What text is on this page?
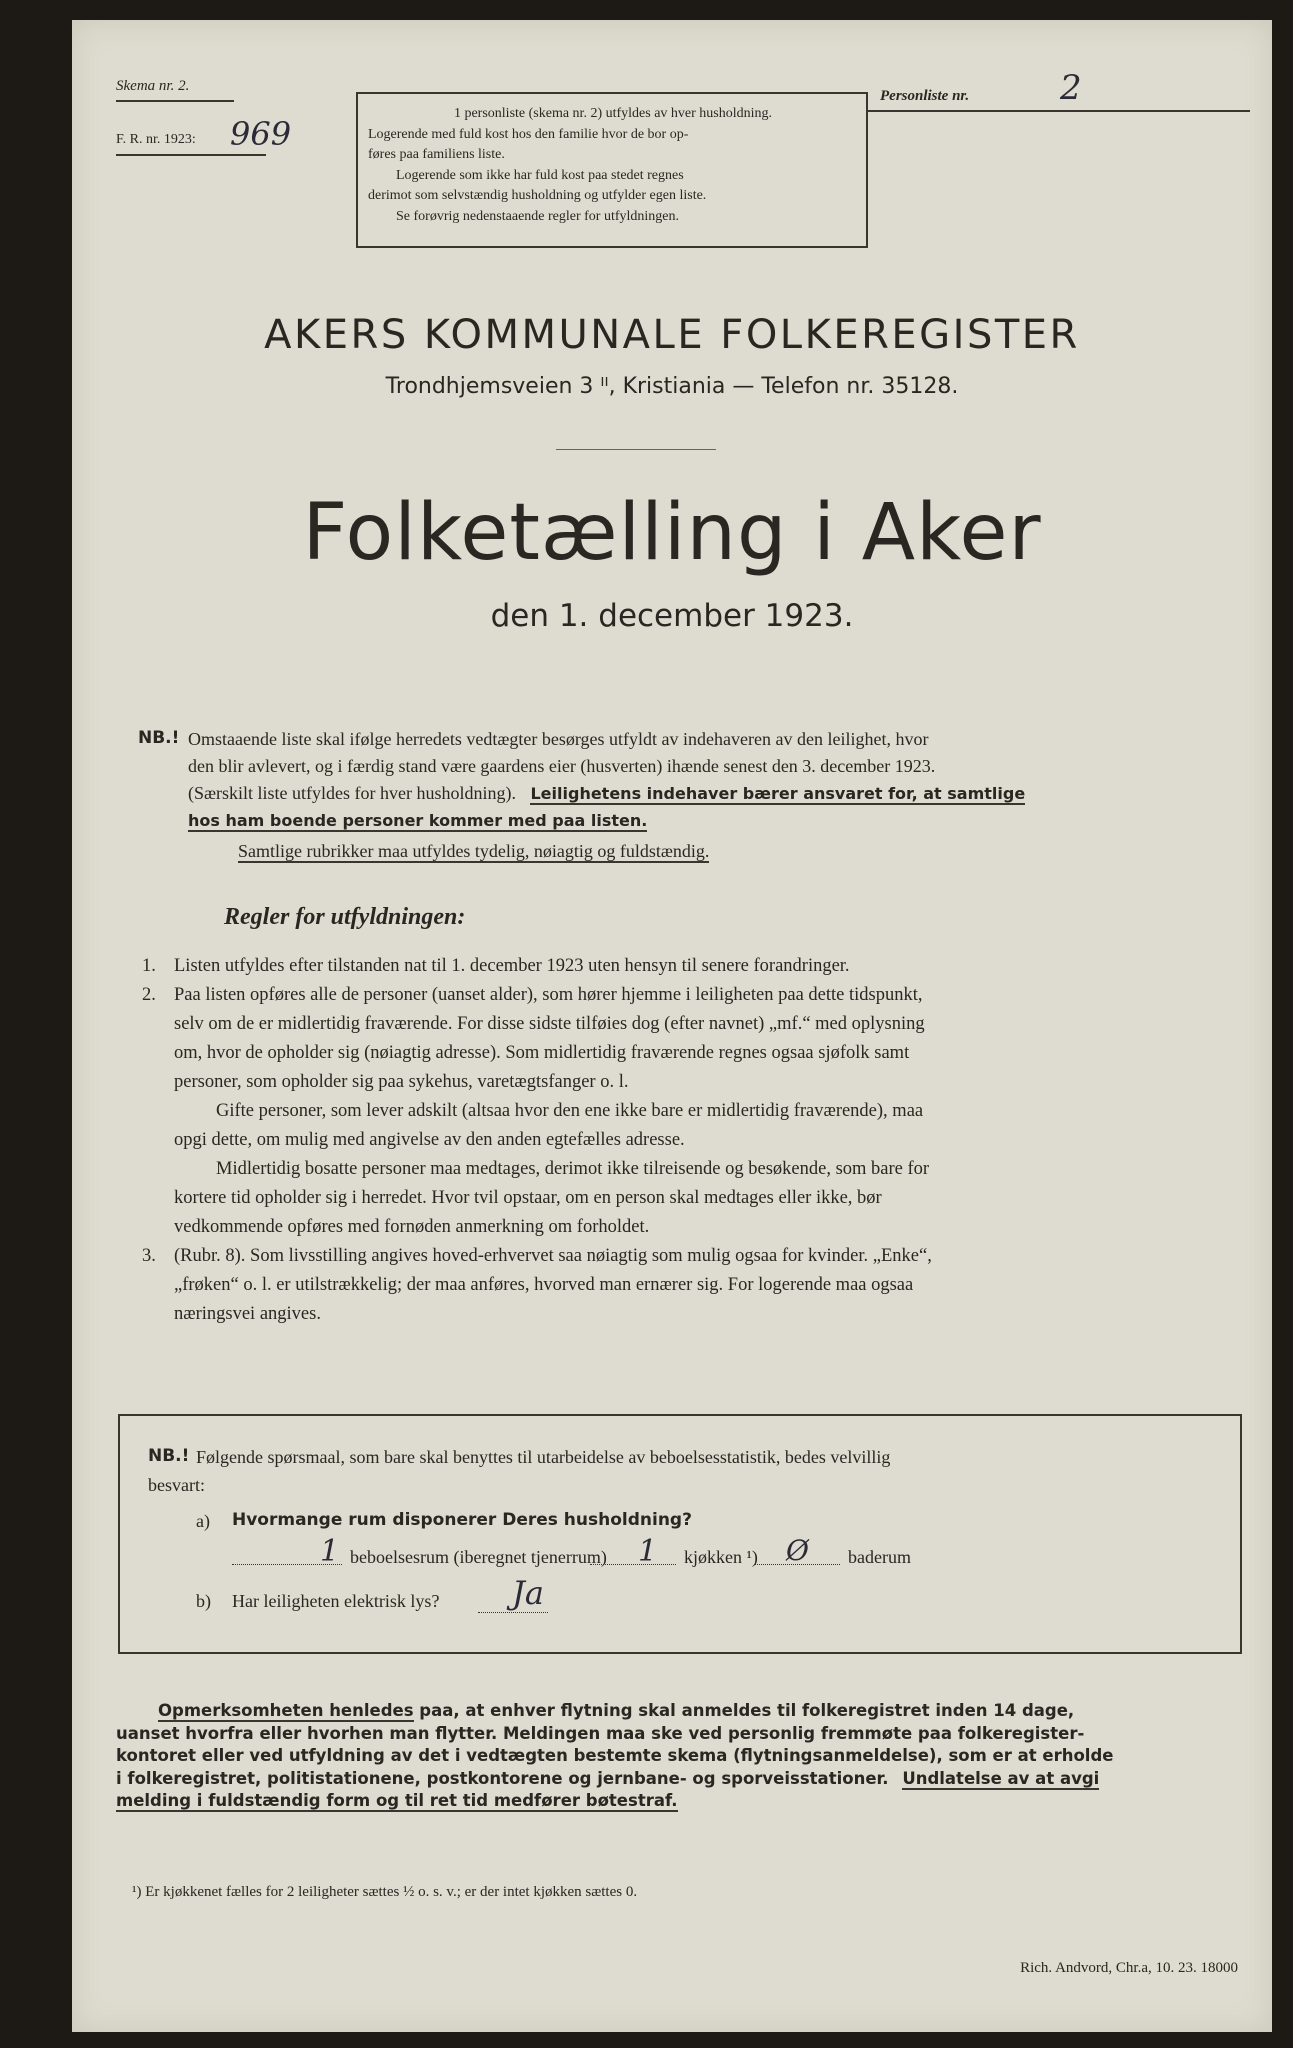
Skema nr. 2.
F. R. nr. 1923: 969
1 personliste (skema nr. 2) utfyldes av hver husholdning.
Logerende med fuld kost hos den familie hvor de bor op-
føres paa familiens liste.
Logerende som ikke har fuld kost paa stedet regnes
derimot som selvstændig husholdning og utfylder egen liste.
Se forøvrig nedenstaaende regler for utfyldningen.
Personliste nr.	2
AKERS KOMMUNALE FOLKEREGISTER
Trondhjemsveien 3 ᴵᴵ, Kristiania — Telefon nr. 35128.
Folketælling i Aker
den 1. december 1923.
NB.! Omstaaende liste skal ifølge herredets vedtægter besørges utfyldt av indehaveren av den leilighet, hvor
den blir avlevert, og i færdig stand være gaardens eier (husverten) ihænde senest den 3. december 1923.
(Særskilt liste utfyldes for hver husholdning). Leilighetens indehaver bærer ansvaret for, at samtlige
hos ham boende personer kommer med paa listen.
Samtlige rubrikker maa utfyldes tydelig, nøiagtig og fuldstændig.
Regler for utfyldningen:
1. Listen utfyldes efter tilstanden nat til 1. december 1923 uten hensyn til senere forandringer.
2. Paa listen opføres alle de personer (uanset alder), som hører hjemme i leiligheten paa dette tidspunkt,
selv om de er midlertidig fraværende. For disse sidste tilføies dog (efter navnet) „mf.“ med oplysning
om, hvor de opholder sig (nøiagtig adresse). Som midlertidig fraværende regnes ogsaa sjøfolk samt
personer, som opholder sig paa sykehus, varetægtsfanger o. l.
Gifte personer, som lever adskilt (altsaa hvor den ene ikke bare er midlertidig fraværende), maa
opgi dette, om mulig med angivelse av den anden egtefælles adresse.
Midlertidig bosatte personer maa medtages, derimot ikke tilreisende og besøkende, som bare for
kortere tid opholder sig i herredet. Hvor tvil opstaar, om en person skal medtages eller ikke, bør
vedkommende opføres med fornøden anmerkning om forholdet.
3. (Rubr. 8). Som livsstilling angives hoved-erhvervet saa nøiagtig som mulig ogsaa for kvinder. „Enke“,
„frøken“ o. l. er utilstrækkelig; der maa anføres, hvorved man ernærer sig. For logerende maa ogsaa
næringsvei angives.
NB.! Følgende spørsmaal, som bare skal benyttes til utarbeidelse av beboelsesstatistik, bedes velvillig
besvart:
a) Hvormange rum disponerer Deres husholdning?
1 beboelsesrum (iberegnet tjenerrum) 1 kjøkken ¹) Ø baderum
b) Har leiligheten elektrisk lys? Ja
Opmerksomheten henledes paa, at enhver flytning skal anmeldes til folkeregistret inden 14 dage,
uanset hvorfra eller hvorhen man flytter. Meldingen maa ske ved personlig fremmøte paa folkeregister-
kontoret eller ved utfyldning av det i vedtægten bestemte skema (flytningsanmeldelse), som er at erholde
i folkeregistret, politistationene, postkontorene og jernbane- og sporveisstationer. Undlatelse av at avgi
melding i fuldstændig form og til ret tid medfører bøtestraf.
¹) Er kjøkkenet fælles for 2 leiligheter sættes ½ o. s. v.; er der intet kjøkken sættes 0.
Rich. Andvord, Chr.a, 10. 23. 18000
